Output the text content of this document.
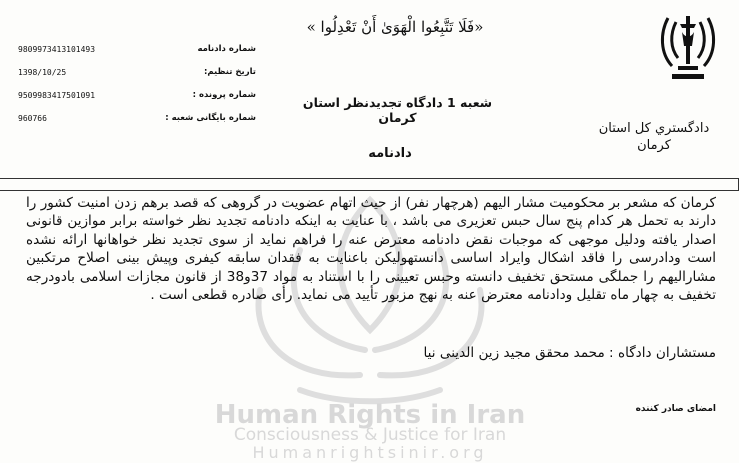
Human Rights in Iran
Consciousness & Justice for Iran
Humanrightsinir.org
شماره دادنامه
9809973413101493
تاریخ تنظیم:
1398/10/25
شماره پرونده :
9509983417501091
شماره بایگانی شعبه :
960766
«فَلَا تَتَّبِعُوا الْهَوَىٰ أَنْ تَعْدِلُوا »
شعبه 1 دادگاه تجدیدنظر استان کرمان
دادنامه
دادگستري کل استان
کرمان

کرمان که مشعر بر محکومیت مشار الیهم (هرچهار نفر) از حیث اتهام عضویت در گروهی که قصد برهم زدن امنیت کشور را دارند به تحمل هر کدام پنج سال حبس تعزیری می باشد ، با عنایت به اینکه دادنامه تجدید نظر خواسته برابر موازین قانونی اصدار یافته ودلیل موجهی که موجبات نقض دادنامه معترض عنه را فراهم نماید از سوی تجدید نظر خواهانها ارائه نشده است ودادرسی را فاقد اشکال وایراد اساسی دانستهولیکن باعنایت به فقدان سابقه کیفری وپیش بینی اصلاح مرتکبین مشارالیهم را جملگی مستحق تخفیف دانسته وحبس تعیینی را با استناد به مواد 37و38 از قانون مجازات اسلامی بادودرجه تخفیف به چهار ماه تقلیل ودادنامه معترض عنه به نهج مزبور تأیید می نماید. رأی صادره قطعی است .

مستشاران دادگاه : محمد محقق مجید زین الدینی نیا
امضای صادر کننده
